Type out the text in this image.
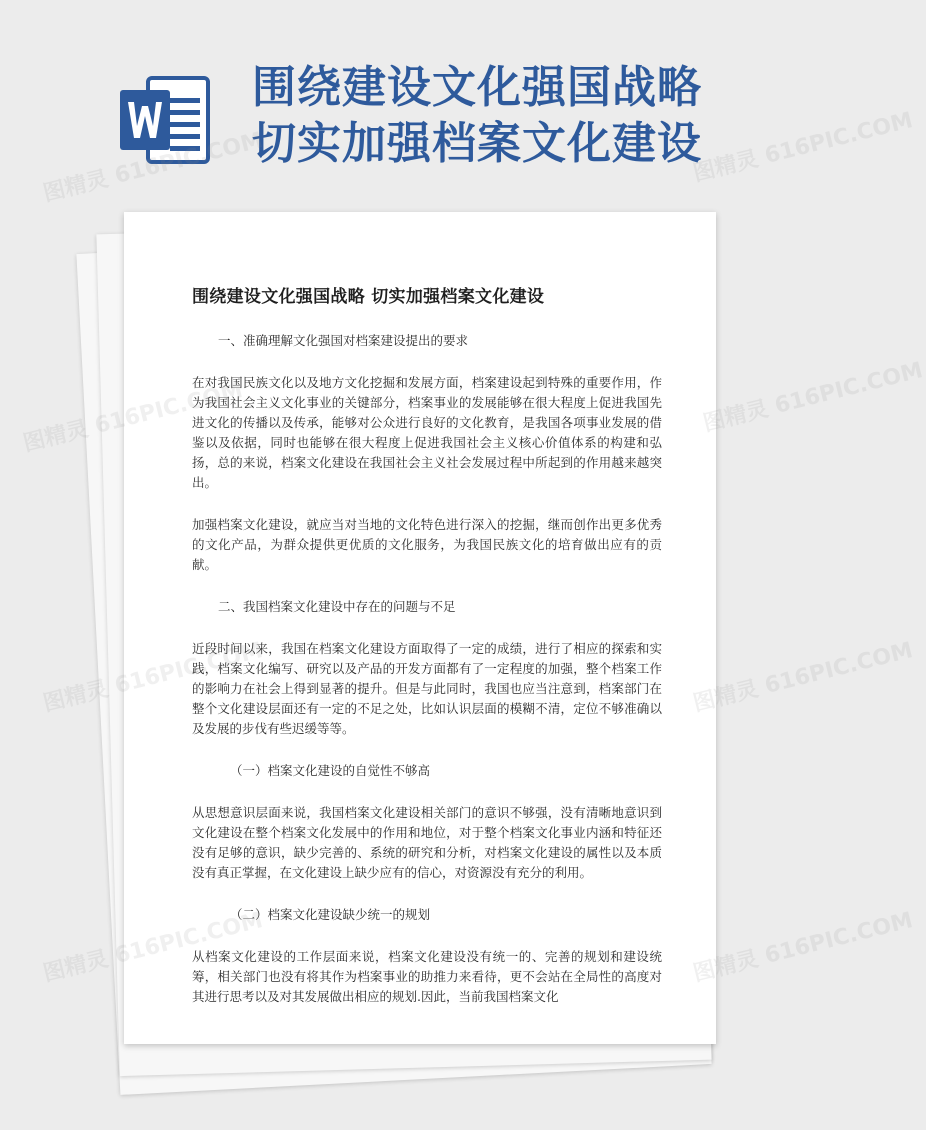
围绕建设文化强国战略
切实加强档案文化建设
围绕建设文化强国战略 切实加强档案文化建设
一、准确理解文化强国对档案建设提出的要求
在对我国民族文化以及地方文化挖掘和发展方面，档案建设起到特殊的重要作用，作为我国社会主义文化事业的关键部分，档案事业的发展能够在很大程度上促进我国先进文化的传播以及传承，能够对公众进行良好的文化教育，是我国各项事业发展的借鉴以及依据，同时也能够在很大程度上促进我国社会主义核心价值体系的构建和弘扬，总的来说，档案文化建设在我国社会主义社会发展过程中所起到的作用越来越突出。
加强档案文化建设，就应当对当地的文化特色进行深入的挖掘，继而创作出更多优秀的文化产品，为群众提供更优质的文化服务，为我国民族文化的培育做出应有的贡献。
二、我国档案文化建设中存在的问题与不足
近段时间以来，我国在档案文化建设方面取得了一定的成绩，进行了相应的探索和实践，档案文化编写、研究以及产品的开发方面都有了一定程度的加强，整个档案工作的影响力在社会上得到显著的提升。但是与此同时，我国也应当注意到，档案部门在整个文化建设层面还有一定的不足之处，比如认识层面的模糊不清，定位不够准确以及发展的步伐有些迟缓等等。
（一）档案文化建设的自觉性不够高
从思想意识层面来说，我国档案文化建设相关部门的意识不够强，没有清晰地意识到文化建设在整个档案文化发展中的作用和地位，对于整个档案文化事业内涵和特征还没有足够的意识，缺少完善的、系统的研究和分析，对档案文化建设的属性以及本质没有真正掌握，在文化建设上缺少应有的信心，对资源没有充分的利用。
（二）档案文化建设缺少统一的规划
从档案文化建设的工作层面来说，档案文化建设没有统一的、完善的规划和建设统筹，相关部门也没有将其作为档案事业的助推力来看待，更不会站在全局性的高度对其进行思考以及对其发展做出相应的规划.因此，当前我国档案文化
图精灵 616PIC.COM	图精灵 616PIC.COM
图精灵	图精灵 616PIC.COM
图精灵	图精灵 616PIC.COM
图精灵	图精灵 616PIC.COM
